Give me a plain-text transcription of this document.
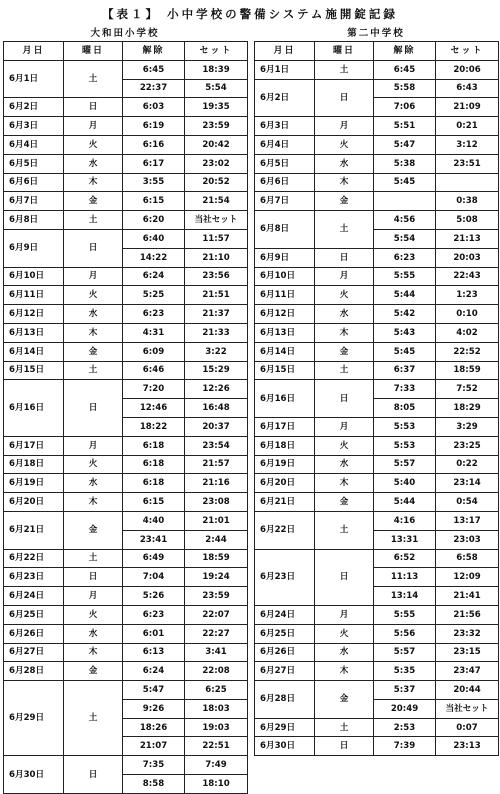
【表１】 小中学校の警備システム施開錠記録
大和田小学校
月日	曜日	解除	セット
6月1日	土	6:45	18:39
		22:37	5:54
6月2日	日	6:03	19:35
6月3日	月	6:19	23:59
6月4日	火	6:16	20:42
6月5日	水	6:17	23:02
6月6日	木	3:55	20:52
6月7日	金	6:15	21:54
6月8日	土	6:20	当社セット
6月9日	日	6:40	11:57
		14:22	21:10
6月10日	月	6:24	23:56
6月11日	火	5:25	21:51
6月12日	水	6:23	21:37
6月13日	木	4:31	21:33
6月14日	金	6:09	3:22
6月15日	土	6:46	15:29
6月16日	日	7:20	12:26
		12:46	16:48
		18:22	20:37
6月17日	月	6:18	23:54
6月18日	火	6:18	21:57
6月19日	水	6:18	21:16
6月20日	木	6:15	23:08
6月21日	金	4:40	21:01
		23:41	2:44
6月22日	土	6:49	18:59
6月23日	日	7:04	19:24
6月24日	月	5:26	23:59
6月25日	火	6:23	22:07
6月26日	水	6:01	22:27
6月27日	木	6:13	3:41
6月28日	金	6:24	22:08
6月29日	土	5:47	6:25
		9:26	18:03
		18:26	19:03
		21:07	22:51
6月30日	日	7:35	7:49
		8:58	18:10
第二中学校
月日	曜日	解除	セット
6月1日	土	6:45	20:06
6月2日	日	5:58	6:43
		7:06	21:09
6月3日	月	5:51	0:21
6月4日	火	5:47	3:12
6月5日	水	5:38	23:51
6月6日	木	5:45	
6月7日	金		0:38
6月8日	土	4:56	5:08
		5:54	21:13
6月9日	日	6:23	20:03
6月10日	月	5:55	22:43
6月11日	火	5:44	1:23
6月12日	水	5:42	0:10
6月13日	木	5:43	4:02
6月14日	金	5:45	22:52
6月15日	土	6:37	18:59
6月16日	日	7:33	7:52
		8:05	18:29
6月17日	月	5:53	3:29
6月18日	火	5:53	23:25
6月19日	水	5:57	0:22
6月20日	木	5:40	23:14
6月21日	金	5:44	0:54
6月22日	土	4:16	13:17
		13:31	23:03
6月23日	日	6:52	6:58
		11:13	12:09
		13:14	21:41
6月24日	月	5:55	21:56
6月25日	火	5:56	23:32
6月26日	水	5:57	23:15
6月27日	木	5:35	23:47
6月28日	金	5:37	20:44
		20:49	当社セット
6月29日	土	2:53	0:07
6月30日	日	7:39	23:13
